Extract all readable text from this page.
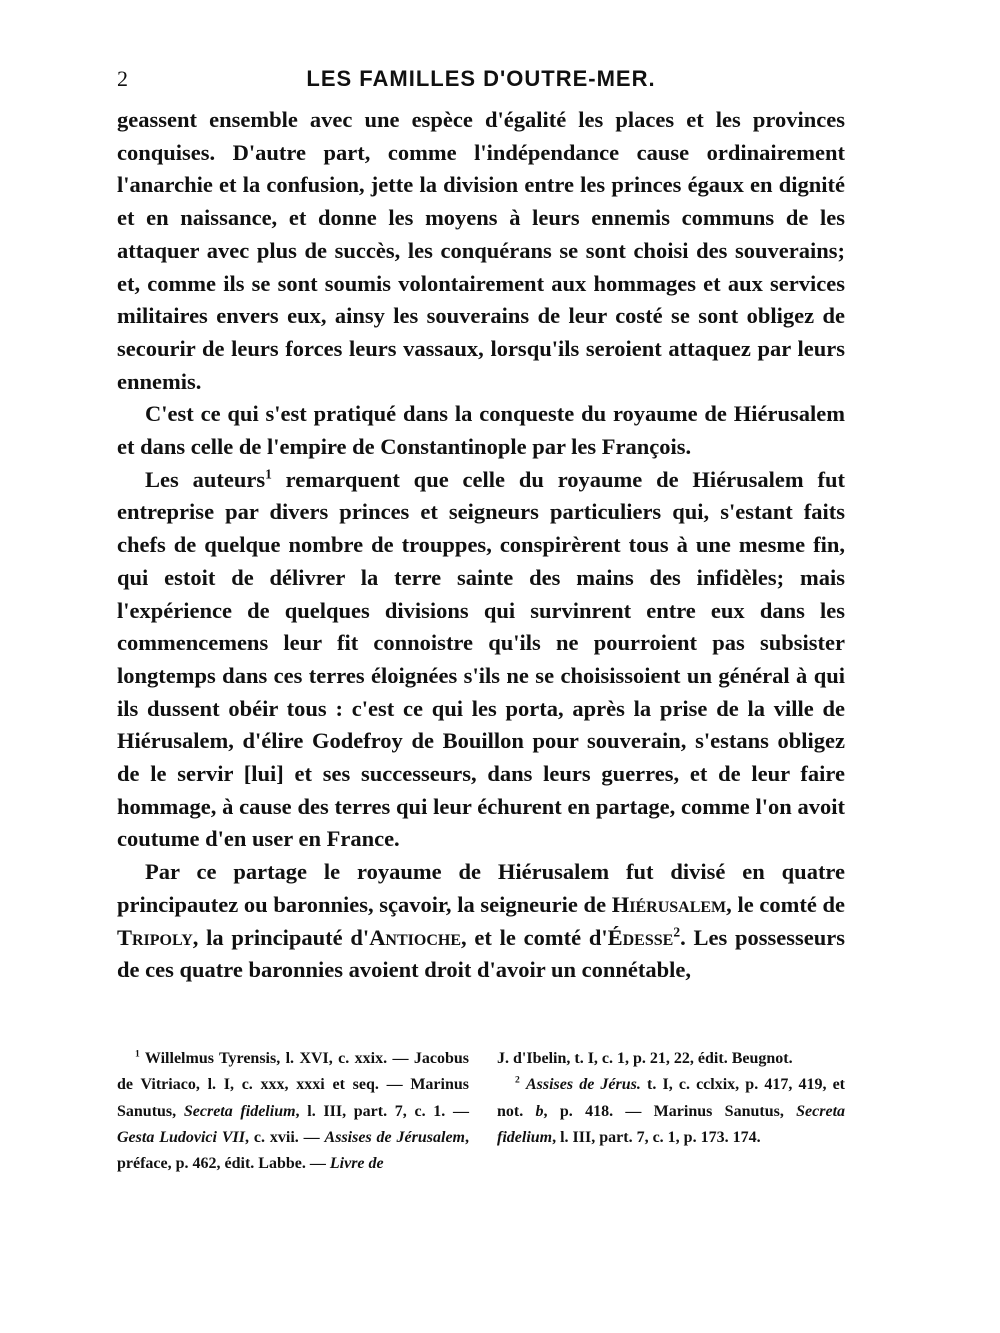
2	LES FAMILLES D'OUTRE-MER.

geassent ensemble avec une espèce d'égalité les places et les provinces conquises. D'autre part, comme l'indépendance cause ordinairement l'anarchie et la confusion, jette la division entre les princes égaux en dignité et en naissance, et donne les moyens à leurs ennemis communs de les attaquer avec plus de succès, les conquérans se sont choisi des souverains; et, comme ils se sont soumis volontairement aux hommages et aux services militaires envers eux, ainsy les souverains de leur costé se sont obligez de secourir de leurs forces leurs vassaux, lorsqu'ils seroient attaquez par leurs ennemis.

C'est ce qui s'est pratiqué dans la conqueste du royaume de Hiérusalem et dans celle de l'empire de Constantinople par les François.

Les auteurs$^1$ remarquent que celle du royaume de Hiérusalem fut entreprise par divers princes et seigneurs particuliers qui, s'estant faits chefs de quelque nombre de trouppes, conspirèrent tous à une mesme fin, qui estoit de délivrer la terre sainte des mains des infidèles; mais l'expérience de quelques divisions qui survinrent entre eux dans les commencemens leur fit connoistre qu'ils ne pourroient pas subsister longtemps dans ces terres éloignées s'ils ne se choisissoient un général à qui ils dussent obéir tous : c'est ce qui les porta, après la prise de la ville de Hiérusalem, d'élire Godefroy de Bouillon pour souverain, s'estans obligez de le servir [lui] et ses successeurs, dans leurs guerres, et de leur faire hommage, à cause des terres qui leur échurent en partage, comme l'on avoit coutume d'en user en France.

Par ce partage le royaume de Hiérusalem fut divisé en quatre principautez ou baronnies, sçavoir, la seigneurie de Hiérusalem, le comté de Tripoly, la principauté d'Antioche, et le comté d'Édesse$^2$. Les possesseurs de ces quatre baronnies avoient droit d'avoir un connétable,

$^1$ Willelmus Tyrensis, l. XVI, c. xxix. — Jacobus de Vitriaco, l. I, c. xxx, xxxi et seq. — Marinus Sanutus, Secreta fidelium, l. III, part. 7, c. 1. — Gesta Ludovici VII, c. xvii. — Assises de Jérusalem, préface, p. 462, édit. Labbe. — Livre de

J. d'Ibelin, t. I, c. 1, p. 21, 22, édit. Beugnot.

$^2$ Assises de Jérus. t. I, c. cclxix, p. 417, 419, et not. b, p. 418. — Marinus Sanutus, Secreta fidelium, l. III, part. 7, c. 1, p. 173. 174.
